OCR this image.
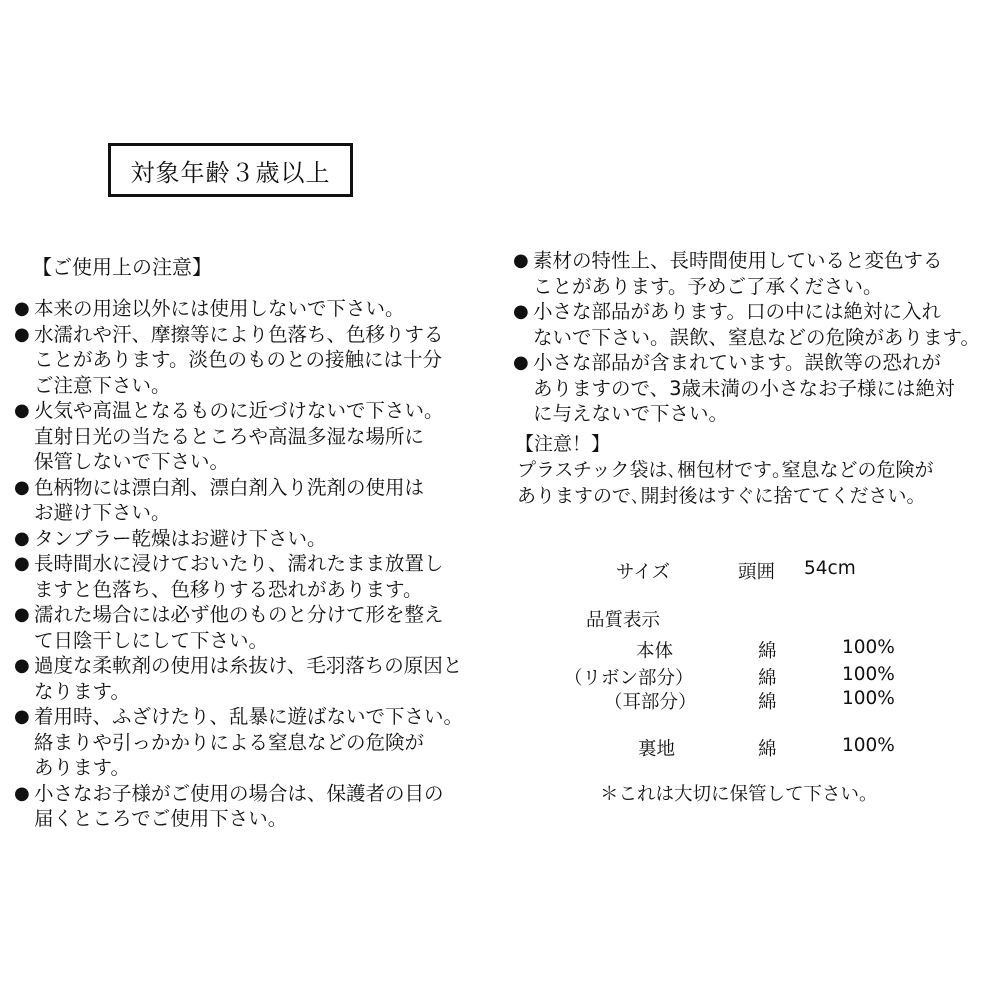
対象年齢３歳以上
【ご使用上の注意】
● 本来の用途以外には使用しないで下さい。
● 水濡れや汗、摩擦等により色落ち、色移りする
ことがあります。淡色のものとの接触には十分
ご注意下さい。
● 火気や高温となるものに近づけないで下さい。
直射日光の当たるところや高温多湿な場所に
保管しないで下さい。
● 色柄物には漂白剤、漂白剤入り洗剤の使用は
お避け下さい。
● タンブラー乾燥はお避け下さい。
● 長時間水に浸けておいたり、濡れたまま放置し
ますと色落ち、色移りする恐れがあります。
● 濡れた場合には必ず他のものと分けて形を整え
て日陰干しにして下さい。
● 過度な柔軟剤の使用は糸抜け、毛羽落ちの原因と
なります。
● 着用時、ふざけたり、乱暴に遊ばないで下さい。
絡まりや引っかかりによる窒息などの危険が
あります。
● 小さなお子様がご使用の場合は、保護者の目の
届くところでご使用下さい。
● 素材の特性上、長時間使用していると変色する
ことがあります。予めご了承ください。
● 小さな部品があります。口の中には絶対に入れ
ないで下さい。誤飲、窒息などの危険があります。
● 小さな部品が含まれています。誤飲等の恐れが
ありますので、3歳未満の小さなお子様には絶対
に与えないで下さい。
【注意！】
プラスチック袋は､梱包材です｡窒息などの危険が
ありますので､開封後はすぐに捨ててください｡
サイズ	頭囲 54cm
品質表示
本体	綿	100%
（リボン部分）	綿	100%
（耳部分）	綿	100%
裏地	綿	100%
＊これは大切に保管して下さい。
